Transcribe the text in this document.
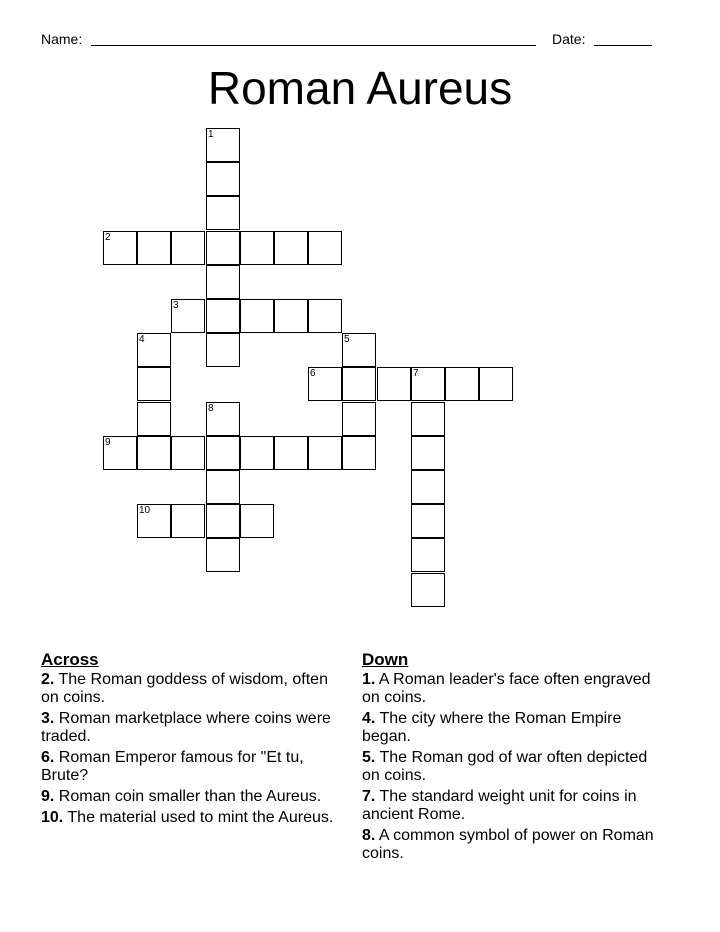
Name:	Date:
Roman Aureus
1
2
3
4	5
6	7
8
9
10
Across
2. The Roman goddess of wisdom, often on coins.
3. Roman marketplace where coins were traded.
6. Roman Emperor famous for "Et tu, Brute?
9. Roman coin smaller than the Aureus.
10. The material used to mint the Aureus.
Down
1. A Roman leader's face often engraved on coins.
4. The city where the Roman Empire began.
5. The Roman god of war often depicted on coins.
7. The standard weight unit for coins in ancient Rome.
8. A common symbol of power on Roman coins.
